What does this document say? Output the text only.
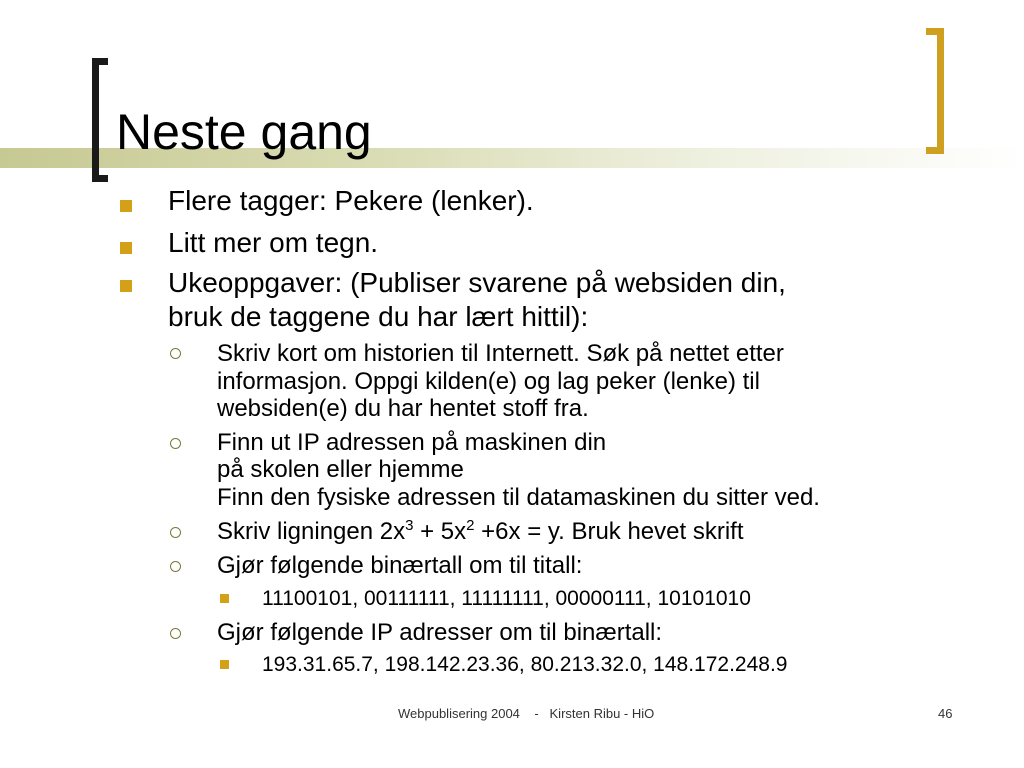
Neste gang
Flere tagger: Pekere (lenker).
Litt mer om tegn.
Ukeoppgaver: (Publiser svarene på websiden din,
bruk de taggene du har lært hittil):
Skriv kort om historien til Internett. Søk på nettet etter
informasjon. Oppgi kilden(e) og lag peker (lenke) til
websiden(e) du har hentet stoff fra.
Finn ut IP adressen på maskinen din
på skolen eller hjemme
Finn den fysiske adressen til datamaskinen du sitter ved.
Skriv ligningen $2x^3 + 5x^2 +6x = y$. Bruk hevet skrift
Gjør følgende binærtall om til titall:
11100101, 00111111, 11111111, 00000111, 10101010
Gjør følgende IP adresser om til binærtall:
193.31.65.7, 198.142.23.36, 80.213.32.0, 148.172.248.9
Webpublisering 2004    -   Kirsten Ribu - HiO	46
